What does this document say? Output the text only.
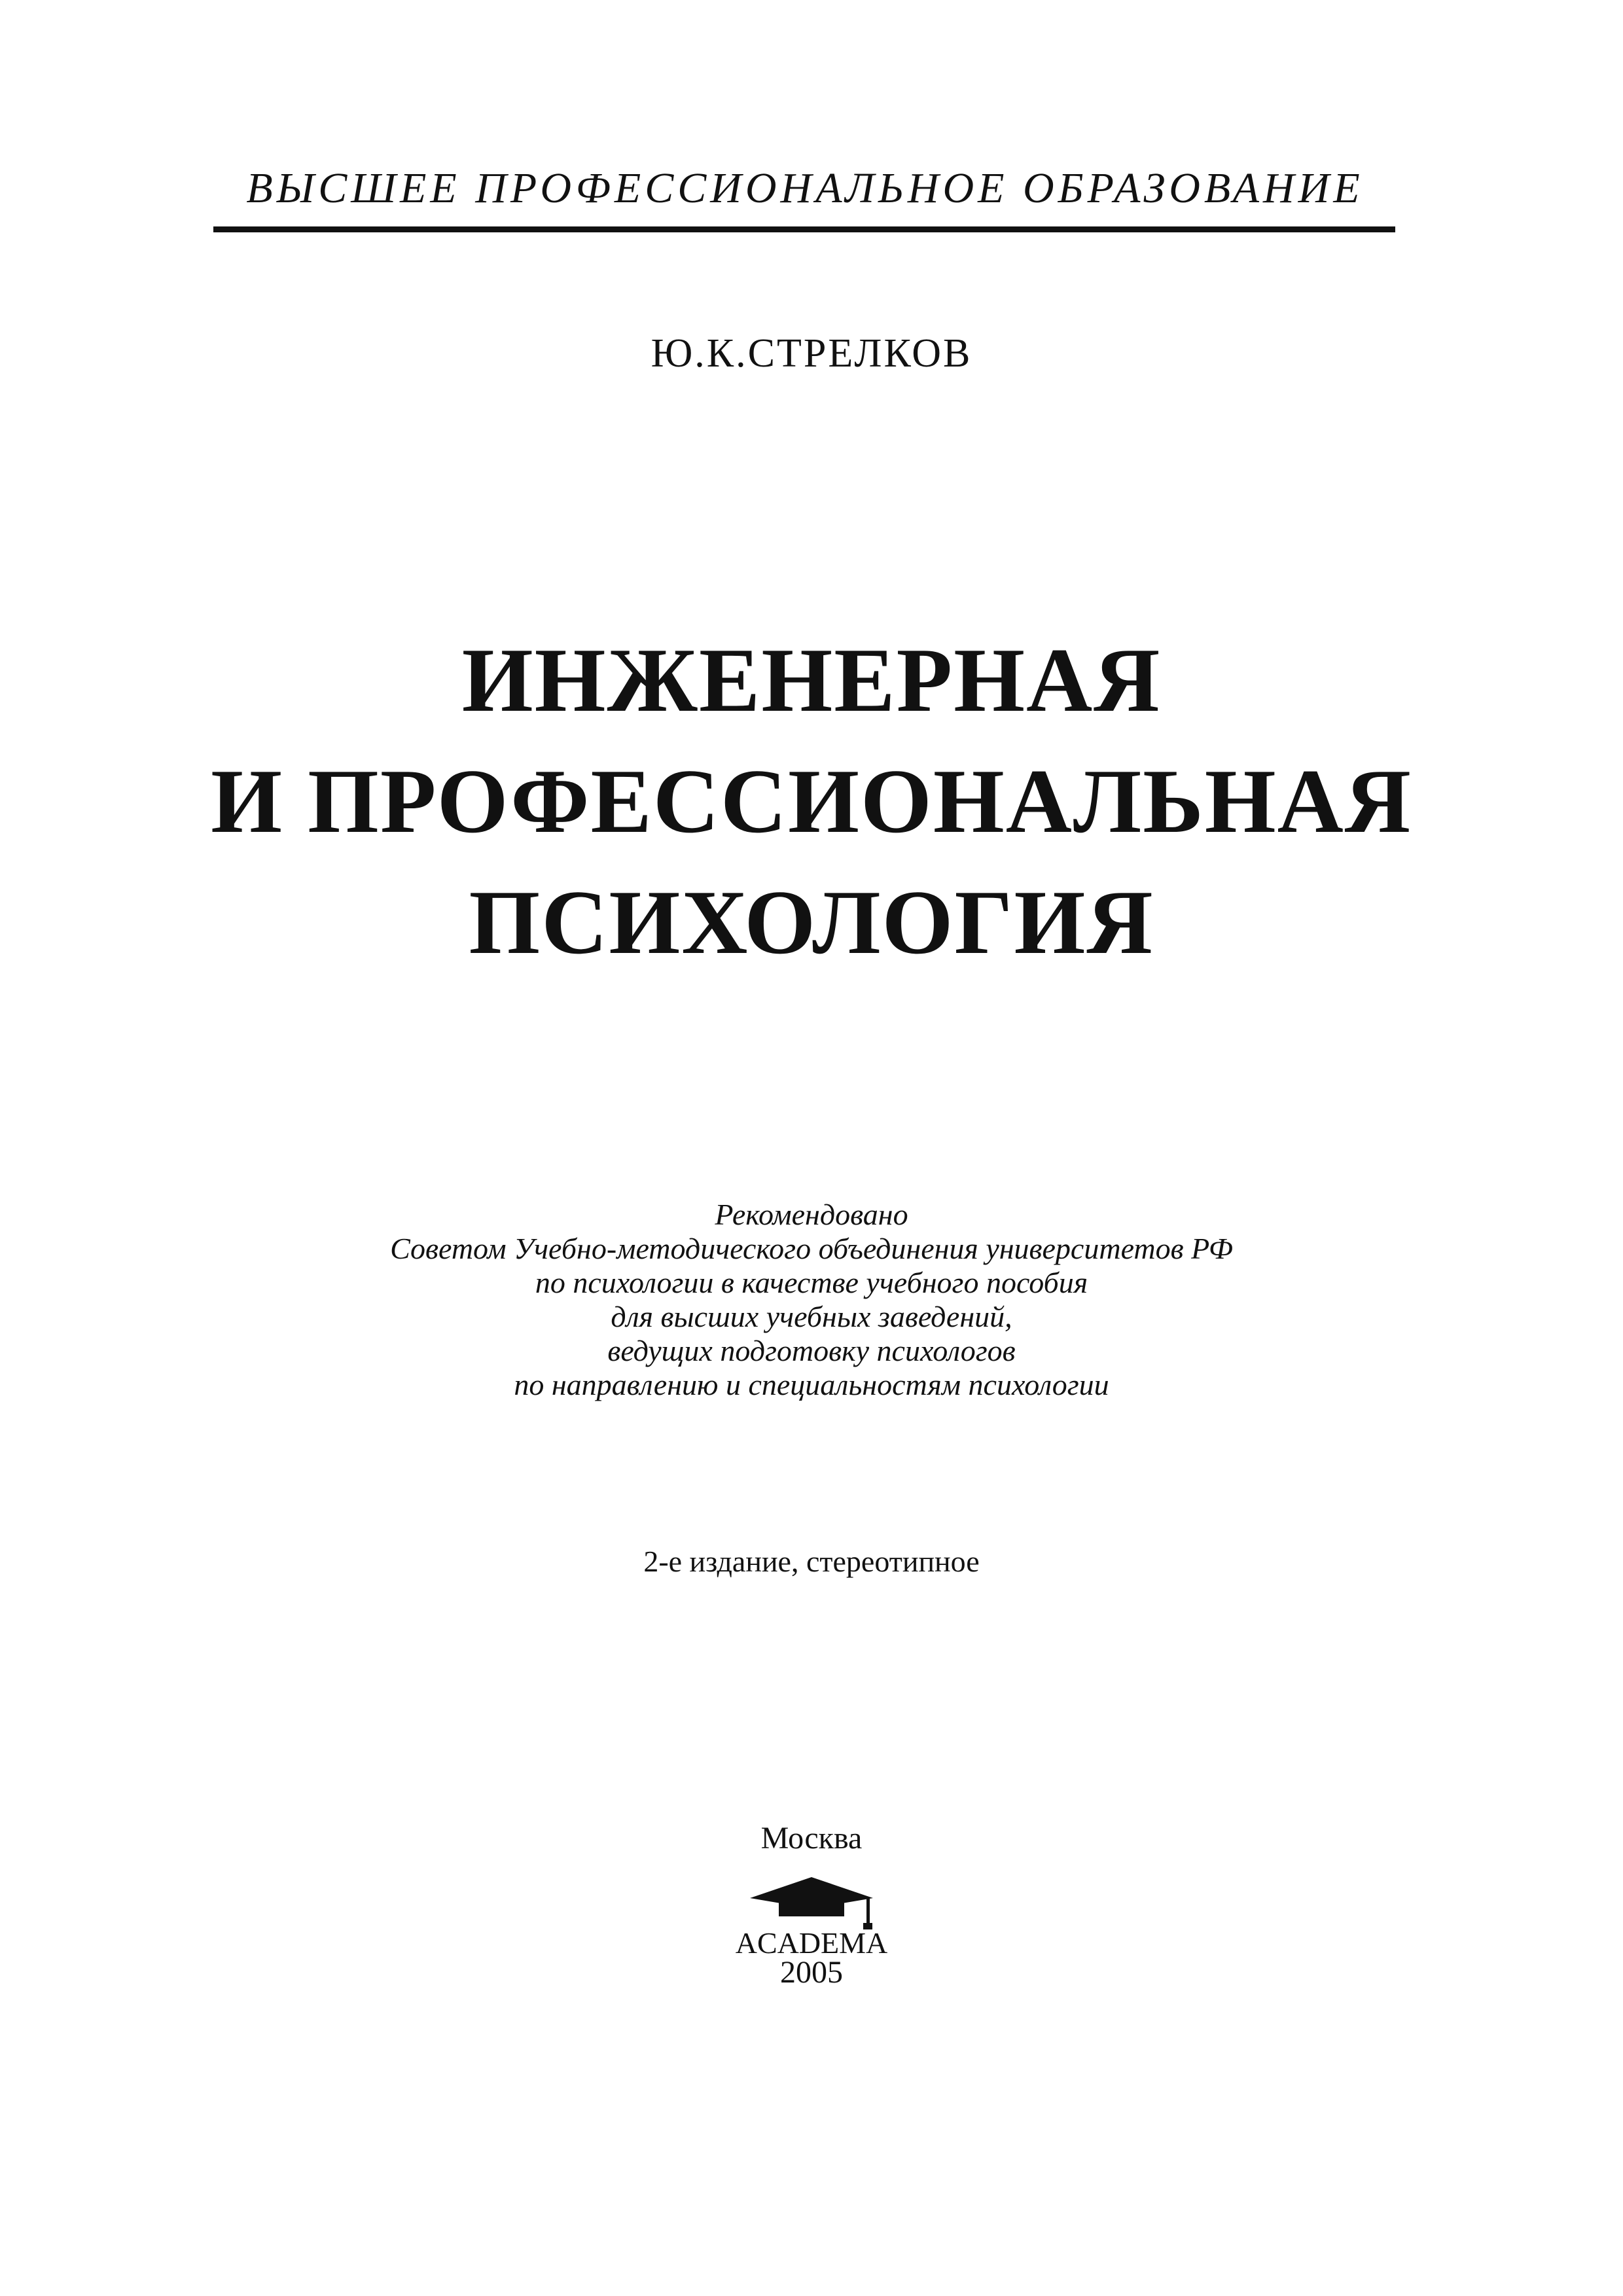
ВЫСШЕЕ ПРОФЕССИОНАЛЬНОЕ ОБРАЗОВАНИЕ
Ю.К.СТРЕЛКОВ
ИНЖЕНЕРНАЯ
И ПРОФЕССИОНАЛЬНАЯ
ПСИХОЛОГИЯ
Рекомендовано
Советом Учебно-методического объединения университетов РФ
по психологии в качестве учебного пособия
для высших учебных заведений,
ведущих подготовку психологов
по направлению и специальностям психологии
2-е издание, стереотипное
Москва
ACADEMA
2005
